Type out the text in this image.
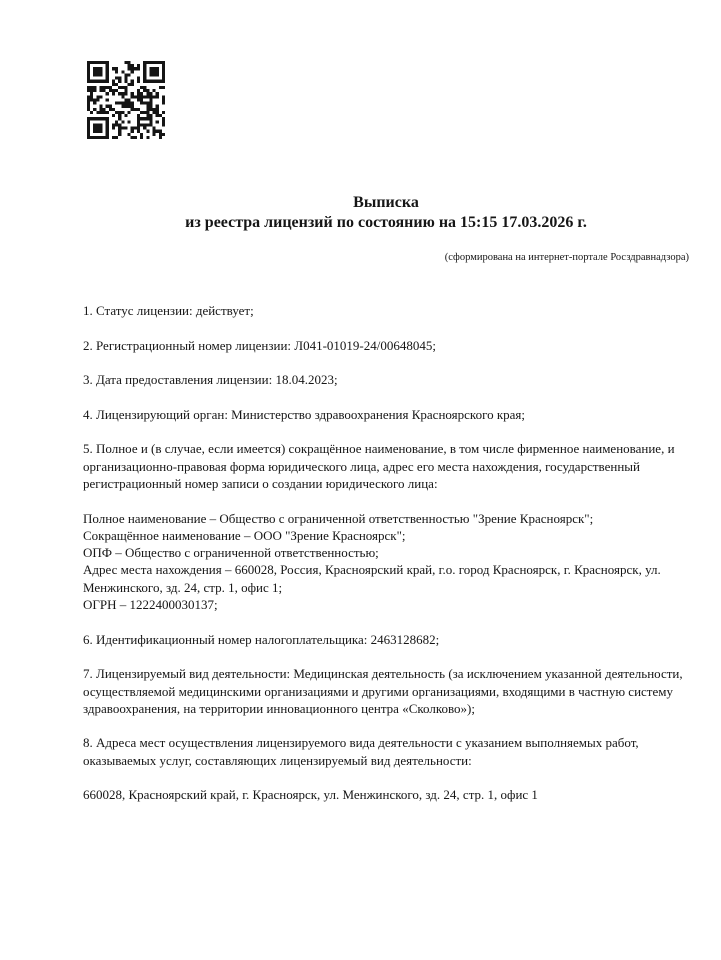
Выписка
из реестра лицензий по состоянию на 15:15 17.03.2026 г.
(сформирована на интернет-портале Росздравнадзора)
1. Статус лицензии: действует;
2. Регистрационный номер лицензии: Л041-01019-24/00648045;
3. Дата предоставления лицензии: 18.04.2023;
4. Лицензирующий орган: Министерство здравоохранения Красноярского края;
5. Полное и (в случае, если имеется) сокращённое наименование, в том числе фирменное наименование, и организационно-правовая форма юридического лица, адрес его места нахождения, государственный регистрационный номер записи о создании юридического лица:
Полное наименование – Общество с ограниченной ответственностью "Зрение Красноярск";
Сокращённое наименование – ООО "Зрение Красноярск";
ОПФ – Общество с ограниченной ответственностью;
Адрес места нахождения – 660028, Россия, Красноярский край, г.о. город Красноярск, г. Красноярск, ул. Менжинского, зд. 24, стр. 1, офис 1;
ОГРН – 1222400030137;
6. Идентификационный номер налогоплательщика: 2463128682;
7. Лицензируемый вид деятельности: Медицинская деятельность (за исключением указанной деятельности, осуществляемой медицинскими организациями и другими организациями, входящими в частную систему здравоохранения, на территории инновационного центра «Сколково»);
8. Адреса мест осуществления лицензируемого вида деятельности с указанием выполняемых работ, оказываемых услуг, составляющих лицензируемый вид деятельности:
660028, Красноярский край, г. Красноярск, ул. Менжинского, зд. 24, стр. 1, офис 1
